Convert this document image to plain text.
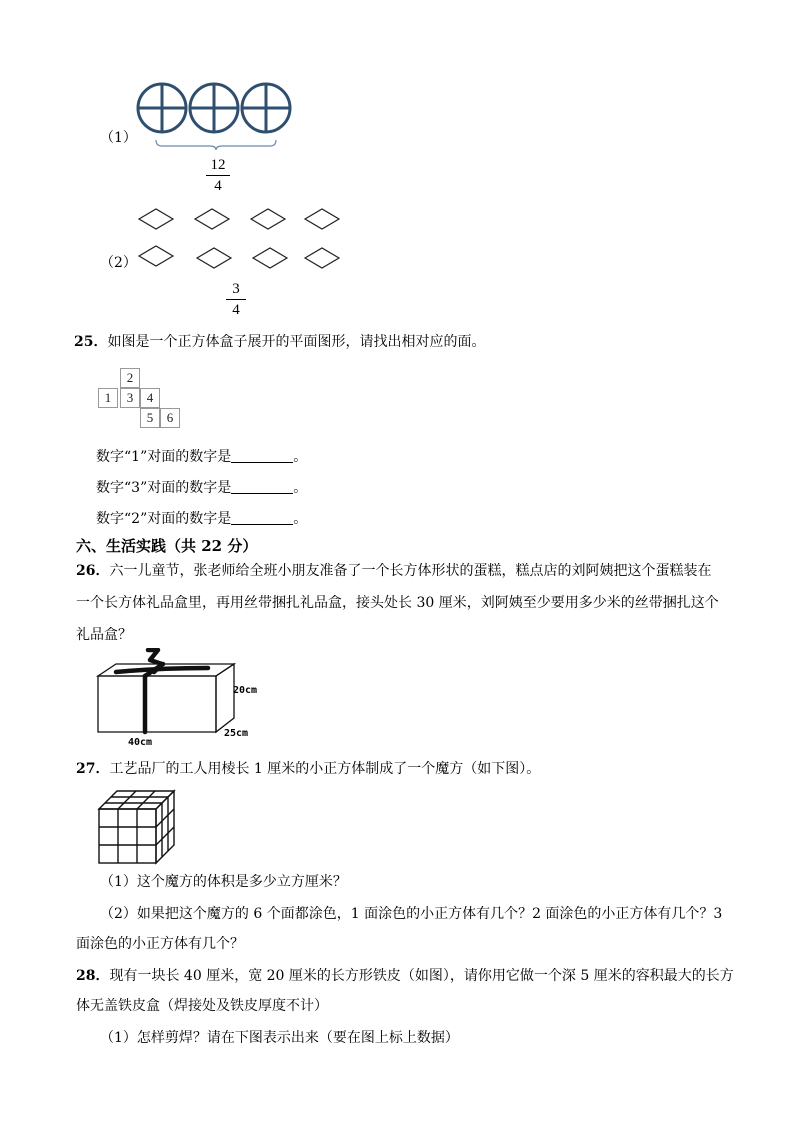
（1）
12
4
（2）
3
4
25．如图是一个正方体盒子展开的平面图形，请找出相对应的面。
2
1	3	4
5	6
数字“1”对面的数字是	。
数字“3”对面的数字是	。
数字“2”对面的数字是	。
六、生活实践（共 22 分）
26．六一儿童节，张老师给全班小朋友准备了一个长方体形状的蛋糕，糕点店的刘阿姨把这个蛋糕装在
一个长方体礼品盒里，再用丝带捆扎礼品盒，接头处长 30 厘米，刘阿姨至少要用多少米的丝带捆扎这个
礼品盒？
20cm
25cm
40cm
27．工艺品厂的工人用棱长 1 厘米的小正方体制成了一个魔方（如下图）。
（1）这个魔方的体积是多少立方厘米？
（2）如果把这个魔方的 6 个面都涂色，1 面涂色的小正方体有几个？2 面涂色的小正方体有几个？3
面涂色的小正方体有几个？
28．现有一块长 40 厘米，宽 20 厘米的长方形铁皮（如图），请你用它做一个深 5 厘米的容积最大的长方
体无盖铁皮盒（焊接处及铁皮厚度不计）
（1）怎样剪焊？请在下图表示出来（要在图上标上数据）
